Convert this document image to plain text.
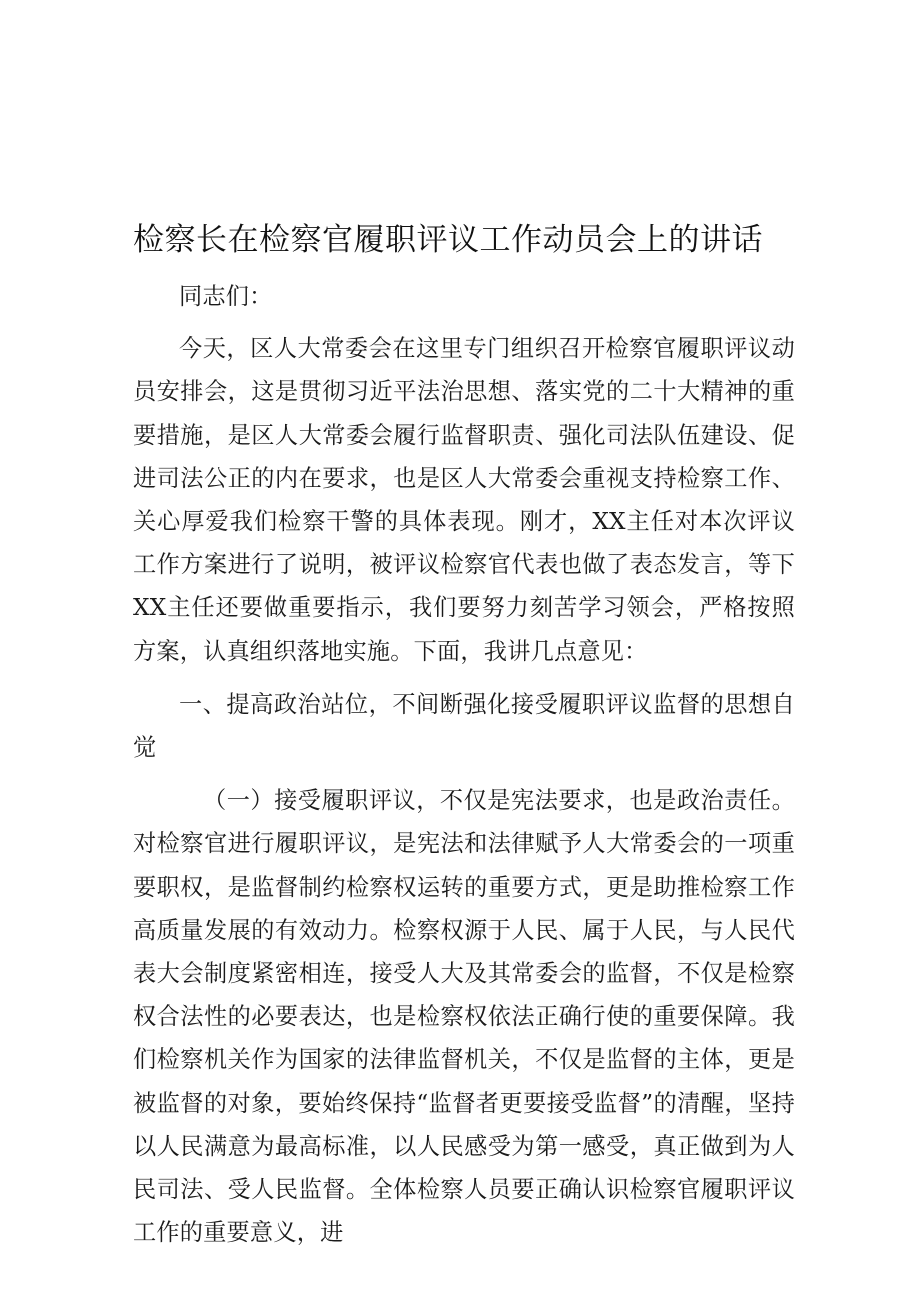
检察长在检察官履职评议工作动员会上的讲话

同志们：

今天，区人大常委会在这里专门组织召开检察官履职评议动员安排会，这是贯彻习近平法治思想、落实党的二十大精神的重要措施，是区人大常委会履行监督职责、强化司法队伍建设、促进司法公正的内在要求，也是区人大常委会重视支持检察工作、关心厚爱我们检察干警的具体表现。刚才，XX主任对本次评议工作方案进行了说明，被评议检察官代表也做了表态发言，等下XX主任还要做重要指示，我们要努力刻苦学习领会，严格按照方案，认真组织落地实施。下面，我讲几点意见：

一、提高政治站位，不间断强化接受履职评议监督的思想自觉

（一）接受履职评议，不仅是宪法要求，也是政治责任。对检察官进行履职评议，是宪法和法律赋予人大常委会的一项重要职权，是监督制约检察权运转的重要方式，更是助推检察工作高质量发展的有效动力。检察权源于人民、属于人民，与人民代表大会制度紧密相连，接受人大及其常委会的监督，不仅是检察权合法性的必要表达，也是检察权依法正确行使的重要保障。我们检察机关作为国家的法律监督机关，不仅是监督的主体，更是被监督的对象，要始终保持“监督者更要接受监督”的清醒，坚持以人民满意为最高标准，以人民感受为第一感受，真正做到为人民司法、受人民监督。全体检察人员要正确认识检察官履职评议工作的重要意义，进
